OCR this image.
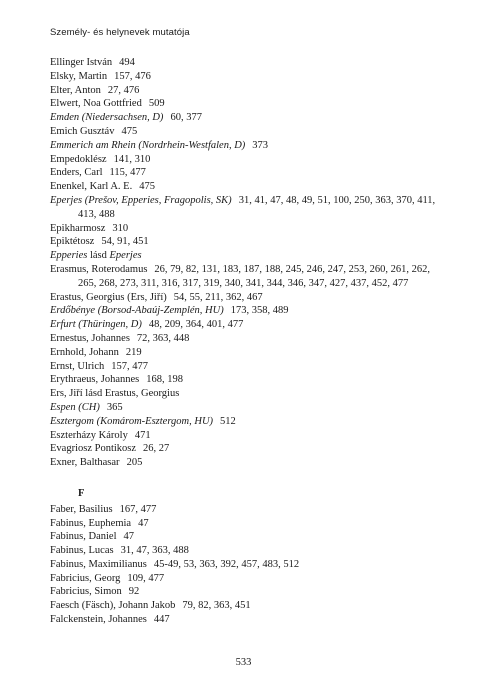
Személy- és helynevek mutatója
Ellinger István 494
Elsky, Martin 157, 476
Elter, Anton 27, 476
Elwert, Noa Gottfried 509
Emden (Niedersachsen, D) 60, 377
Emich Gusztáv 475
Emmerich am Rhein (Nordrhein-Westfalen, D) 373
Empedoklész 141, 310
Enders, Carl 115, 477
Enenkel, Karl A. E. 475
Eperjes (Prešov, Epperies, Fragopolis, SK) 31, 41, 47, 48, 49, 51, 100, 250, 363, 370, 411, 413, 488
Epikharmosz 310
Epiktétosz 54, 91, 451
Epperies lásd Eperjes
Erasmus, Roterodamus 26, 79, 82, 131, 183, 187, 188, 245, 246, 247, 253, 260, 261, 262, 265, 268, 273, 311, 316, 317, 319, 340, 341, 344, 346, 347, 427, 437, 452, 477
Erastus, Georgius (Ers, Jiří) 54, 55, 211, 362, 467
Erdőbénye (Borsod-Abaúj-Zemplén, HU) 173, 358, 489
Erfurt (Thüringen, D) 48, 209, 364, 401, 477
Ernestus, Johannes 72, 363, 448
Ernhold, Johann 219
Ernst, Ulrich 157, 477
Erythraeus, Johannes 168, 198
Ers, Jiří lásd Erastus, Georgius
Espen (CH) 365
Esztergom (Komárom-Esztergom, HU) 512
Eszterházy Károly 471
Evagriosz Pontikosz 26, 27
Exner, Balthasar 205
F
Faber, Basilius 167, 477
Fabinus, Euphemia 47
Fabinus, Daniel 47
Fabinus, Lucas 31, 47, 363, 488
Fabinus, Maximilianus 45-49, 53, 363, 392, 457, 483, 512
Fabricius, Georg 109, 477
Fabricius, Simon 92
Faesch (Fäsch), Johann Jakob 79, 82, 363, 451
Falckenstein, Johannes 447
533
